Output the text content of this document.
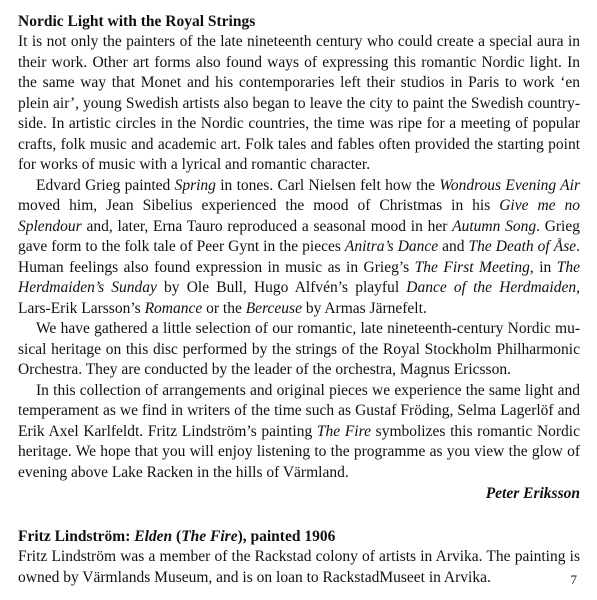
Nordic Light with the Royal Strings

It is not only the painters of the late nineteenth century who could create a special aura in their work. Other art forms also found ways of expressing this romantic Nordic light. In the same way that Monet and his contemporaries left their studios in Paris to work ‘en plein air’, young Swedish artists also began to leave the city to paint the Swedish countryside. In artistic circles in the Nordic countries, the time was ripe for a meeting of popular crafts, folk music and academic art. Folk tales and fables often provided the starting point for works of music with a lyrical and romantic character.

Edvard Grieg painted Spring in tones. Carl Nielsen felt how the Wondrous Evening Air moved him, Jean Sibelius experienced the mood of Christmas in his Give me no Splendour and, later, Erna Tauro reproduced a seasonal mood in her Autumn Song. Grieg gave form to the folk tale of Peer Gynt in the pieces Anitra’s Dance and The Death of Åse. Human feelings also found expression in music as in Grieg’s The First Meeting, in The Herdmaiden’s Sunday by Ole Bull, Hugo Alfvén’s playful Dance of the Herdmaiden, Lars-Erik Larsson’s Romance or the Berceuse by Armas Järnefelt.

We have gathered a little selection of our romantic, late nineteenth-century Nordic musical heritage on this disc performed by the strings of the Royal Stockholm Philharmonic Orchestra. They are conducted by the leader of the orchestra, Magnus Ericsson.

In this collection of arrangements and original pieces we experience the same light and temperament as we find in writers of the time such as Gustaf Fröding, Selma Lagerlöf and Erik Axel Karlfeldt. Fritz Lindström’s painting The Fire symbolizes this romantic Nordic heritage. We hope that you will enjoy listening to the programme as you view the glow of evening above Lake Racken in the hills of Värmland.

Peter Eriksson
Fritz Lindström: Elden (The Fire), painted 1906

Fritz Lindström was a member of the Rackstad colony of artists in Arvika. The painting is owned by Värmlands Museum, and is on loan to RackstadMuseet in Arvika.	7
